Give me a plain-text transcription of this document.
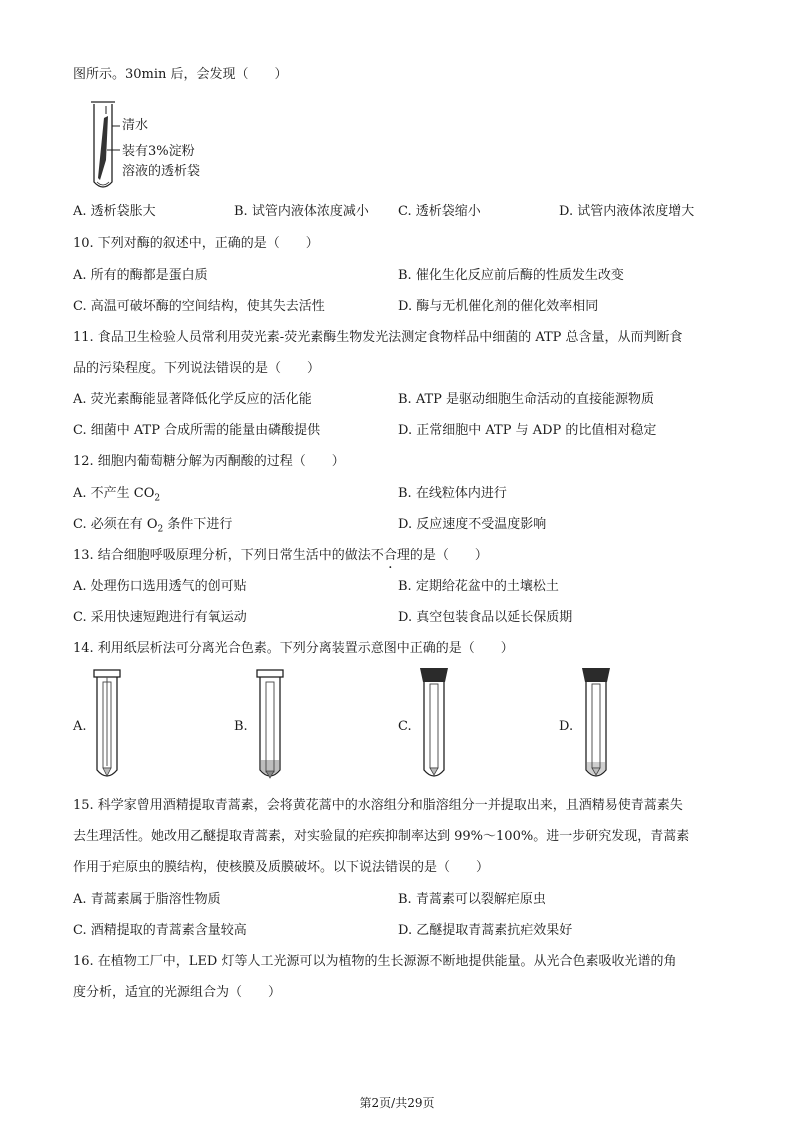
图所示。30min 后，会发现（　　）
清水
装有3%淀粉
溶液的透析袋
A. 透析袋胀大	B. 试管内液体浓度减小 C. 透析袋缩小	D. 试管内液体浓度增大
10. 下列对酶的叙述中，正确的是（　　）
A. 所有的酶都是蛋白质	B. 催化生化反应前后酶的性质发生改变
C. 高温可破坏酶的空间结构，使其失去活性	D. 酶与无机催化剂的催化效率相同
11. 食品卫生检验人员常利用荧光素-荧光素酶生物发光法测定食物样品中细菌的 ATP 总含量，从而判断食
品的污染程度。下列说法错误的是（　　）
A. 荧光素酶能显著降低化学反应的活化能	B. ATP 是驱动细胞生命活动的直接能源物质
C. 细菌中 ATP 合成所需的能量由磷酸提供	D. 正常细胞中 ATP 与 ADP 的比值相对稳定
12. 细胞内葡萄糖分解为丙酮酸的过程（　　）
A. 不产生 $CO_2$	B. 在线粒体内进行
C. 必须在有 $O_2$ 条件下进行	D. 反应速度不受温度影响
13. 结合细胞呼吸原理分析，下列日常生活中的做法不合理的是（　　）
A. 处理伤口选用透气的创可贴	B. 定期给花盆中的土壤松土
C. 采用快速短跑进行有氧运动	D. 真空包装食品以延长保质期
14. 利用纸层析法可分离光合色素。下列分离装置示意图中正确的是（　　）
A.	B.	C.	D.
15. 科学家曾用酒精提取青蒿素，会将黄花蒿中的水溶组分和脂溶组分一并提取出来，且酒精易使青蒿素失
去生理活性。她改用乙醚提取青蒿素，对实验鼠的疟疾抑制率达到 99%～100%。进一步研究发现，青蒿素
作用于疟原虫的膜结构，使核膜及质膜破坏。以下说法错误的是（　　）
A. 青蒿素属于脂溶性物质	B. 青蒿素可以裂解疟原虫
C. 酒精提取的青蒿素含量较高	D. 乙醚提取青蒿素抗疟效果好
16. 在植物工厂中，LED 灯等人工光源可以为植物的生长源源不断地提供能量。从光合色素吸收光谱的角
度分析，适宜的光源组合为（　　）
第2页/共29页
